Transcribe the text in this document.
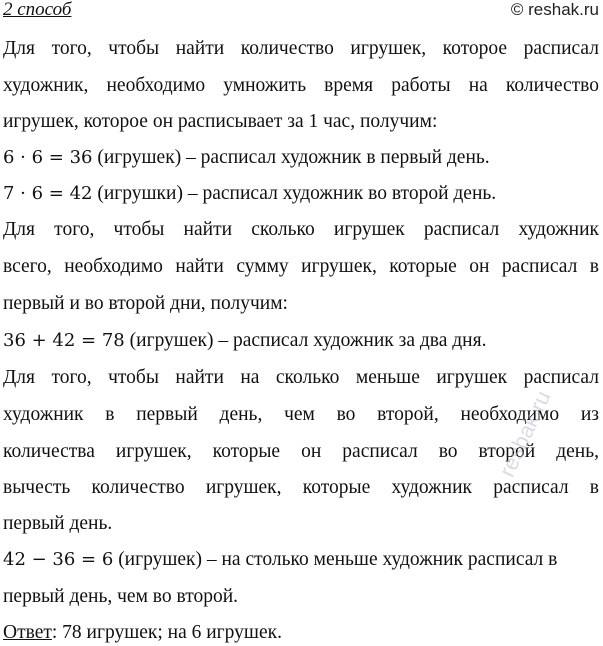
2 способ	© reshak.ru
Для того, чтобы найти количество игрушек, которое расписал
художник, необходимо умножить время работы на количество
игрушек, которое он расписывает за 1 час, получим:
6 · 6 = 36 (игрушек) – расписал художник в первый день.
7 · 6 = 42 (игрушки) – расписал художник во второй день.
Для того, чтобы найти сколько игрушек расписал художник
всего, необходимо найти сумму игрушек, которые он расписал в
первый и во второй дни, получим:
36 + 42 = 78 (игрушек) – расписал художник за два дня.
Для того, чтобы найти на сколько меньше игрушек расписал
художник в первый день, чем во второй, необходимо из
количества игрушек, которые он расписал во второй день,
вычесть количество игрушек, которые художник расписал в
первый день.
42 − 36 = 6 (игрушек) – на столько меньше художник расписал в
первый день, чем во второй.
Ответ: 78 игрушек; на 6 игрушек.
resbak.ru
